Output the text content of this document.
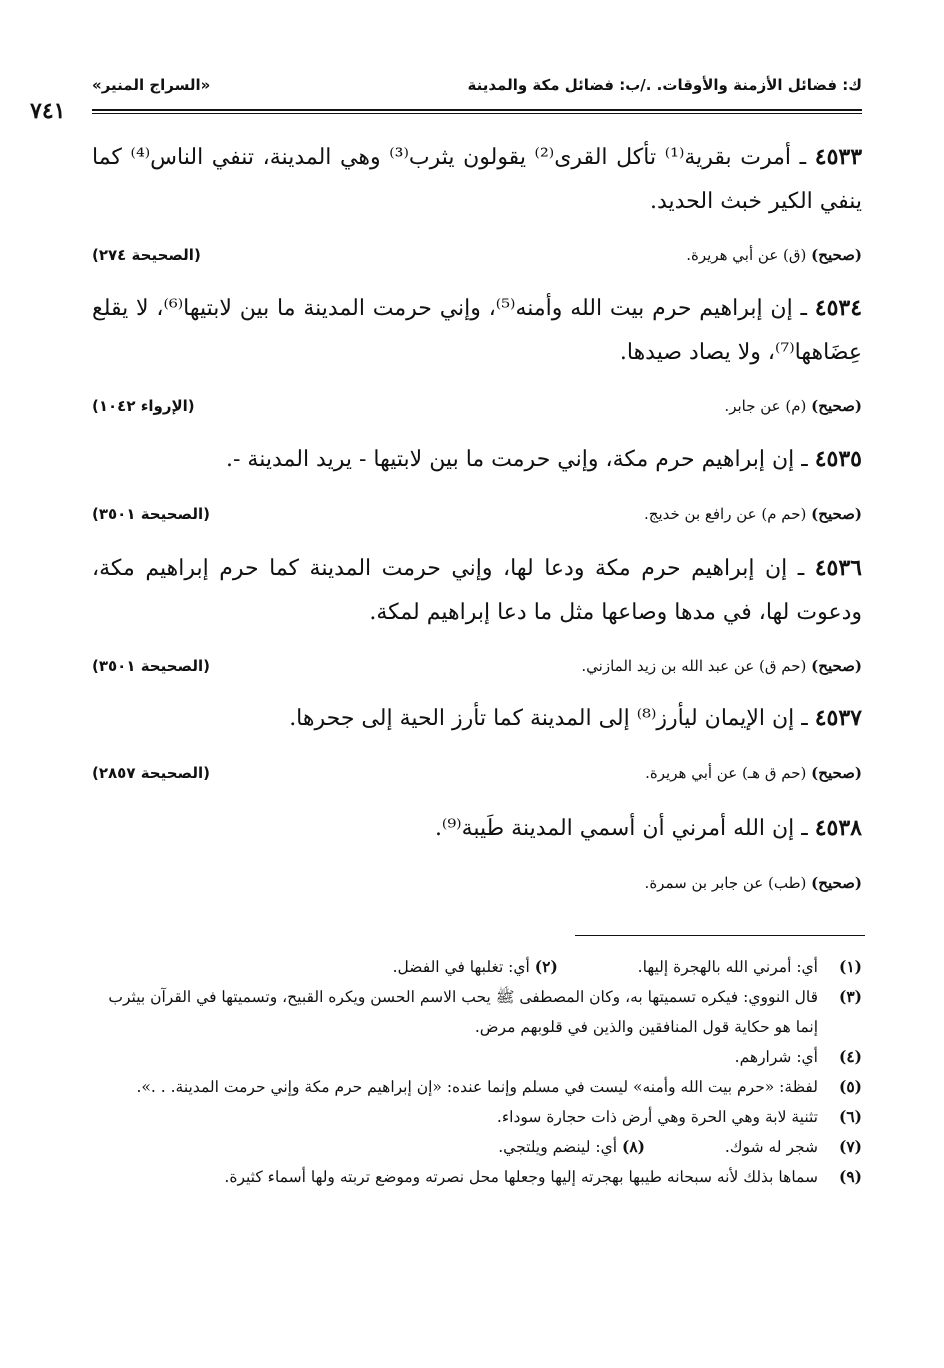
ك: فضائل الأزمنة والأوقات. ./ب: فضائل مكة والمدينة
«السراج المنير»
٧٤١
٤٥٣٣ ـ أمرت بقرية⁽¹⁾ تأكل القرى⁽²⁾ يقولون يثرب⁽³⁾ وهي المدينة، تنفي الناس⁽⁴⁾ كما ينفي الكير خبث الحديد.
(صحيح) (ق) عن أبي هريرة.
(الصحيحة ٢٧٤)
٤٥٣٤ ـ إن إبراهيم حرم بيت الله وأمنه⁽⁵⁾، وإني حرمت المدينة ما بين لابتيها⁽⁶⁾، لا يقلع عِضَاهها⁽⁷⁾، ولا يصاد صيدها.
(صحيح) (م) عن جابر.
(الإرواء ١٠٤٢)
٤٥٣٥ ـ إن إبراهيم حرم مكة، وإني حرمت ما بين لابتيها - يريد المدينة -.
(صحيح) (حم م) عن رافع بن خديج.
(الصحيحة ٣٥٠١)
٤٥٣٦ ـ إن إبراهيم حرم مكة ودعا لها، وإني حرمت المدينة كما حرم إبراهيم مكة، ودعوت لها، في مدها وصاعها مثل ما دعا إبراهيم لمكة.
(صحيح) (حم ق) عن عبد الله بن زيد المازني.
(الصحيحة ٣٥٠١)
٤٥٣٧ ـ إن الإيمان ليأرز⁽⁸⁾ إلى المدينة كما تأرز الحية إلى جحرها.
(صحيح) (حم ق هـ) عن أبي هريرة.
(الصحيحة ٢٨٥٧)
٤٥٣٨ ـ إن الله أمرني أن أسمي المدينة طَيبة⁽⁹⁾.
(صحيح) (طب) عن جابر بن سمرة.

(١)
أي: أمرني الله بالهجرة إليها.  (٢) أي: تغلبها في الفضل.

(٣)
قال النووي: فيكره تسميتها به، وكان المصطفى ﷺ يحب الاسم الحسن ويكره القبيح، وتسميتها في القرآن بيثرب إنما هو حكاية قول المنافقين والذين في قلوبهم مرض.

(٤)
أي: شرارهم.

(٥)
لفظة: «حرم بيت الله وأمنه» ليست في مسلم وإنما عنده: «إن إبراهيم حرم مكة وإني حرمت المدينة. . .».

(٦)
تثنية لابة وهي الحرة وهي أرض ذات حجارة سوداء.

(٧)
شجر له شوك.  (٨) أي: لينضم ويلتجي.

(٩)
سماها بذلك لأنه سبحانه طيبها بهجرته إليها وجعلها محل نصرته وموضع تربته ولها أسماء كثيرة.
